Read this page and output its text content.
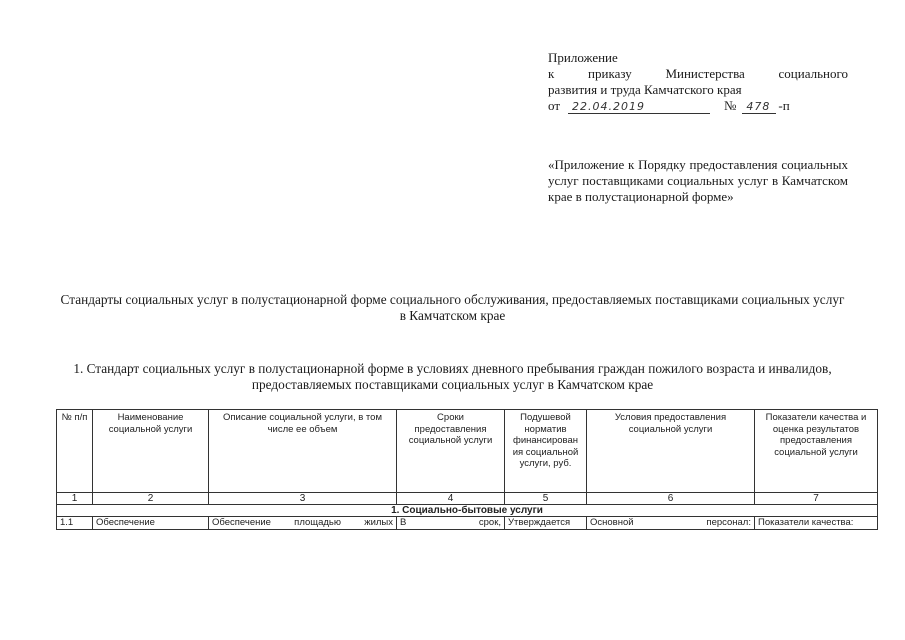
Приложение
к приказу Министерства социального
развития и труда Камчатского края
от	22.04.2019	№ 478 -п
«Приложение к Порядку предоставления социальных услуг поставщиками социальных услуг в Камчатском крае в полустационарной форме»
Стандарты социальных услуг в полустационарной форме социального обслуживания, предоставляемых поставщиками социальных услуг в Камчатском крае
1. Стандарт социальных услуг в полустационарной форме в условиях дневного пребывания граждан пожилого возраста и инвалидов, предоставляемых поставщиками социальных услуг в Камчатском крае
№ п/п	Наименование социальной услуги	Описание социальной услуги, в том числе ее объем	Сроки предоставления социальной услуги	Подушевой норматив финансирован ия социальной услуги, руб.	Условия предоставления социальной услуги	Показатели качества и оценка результатов предоставления социальной услуги
1	2	3	4	5	6	7
1. Социально-бытовые услуги						
1.1	Обеспечение	Обеспечение площадью жилых	В срок,	Утверждается	Основной персонал:	Показатели качества:
